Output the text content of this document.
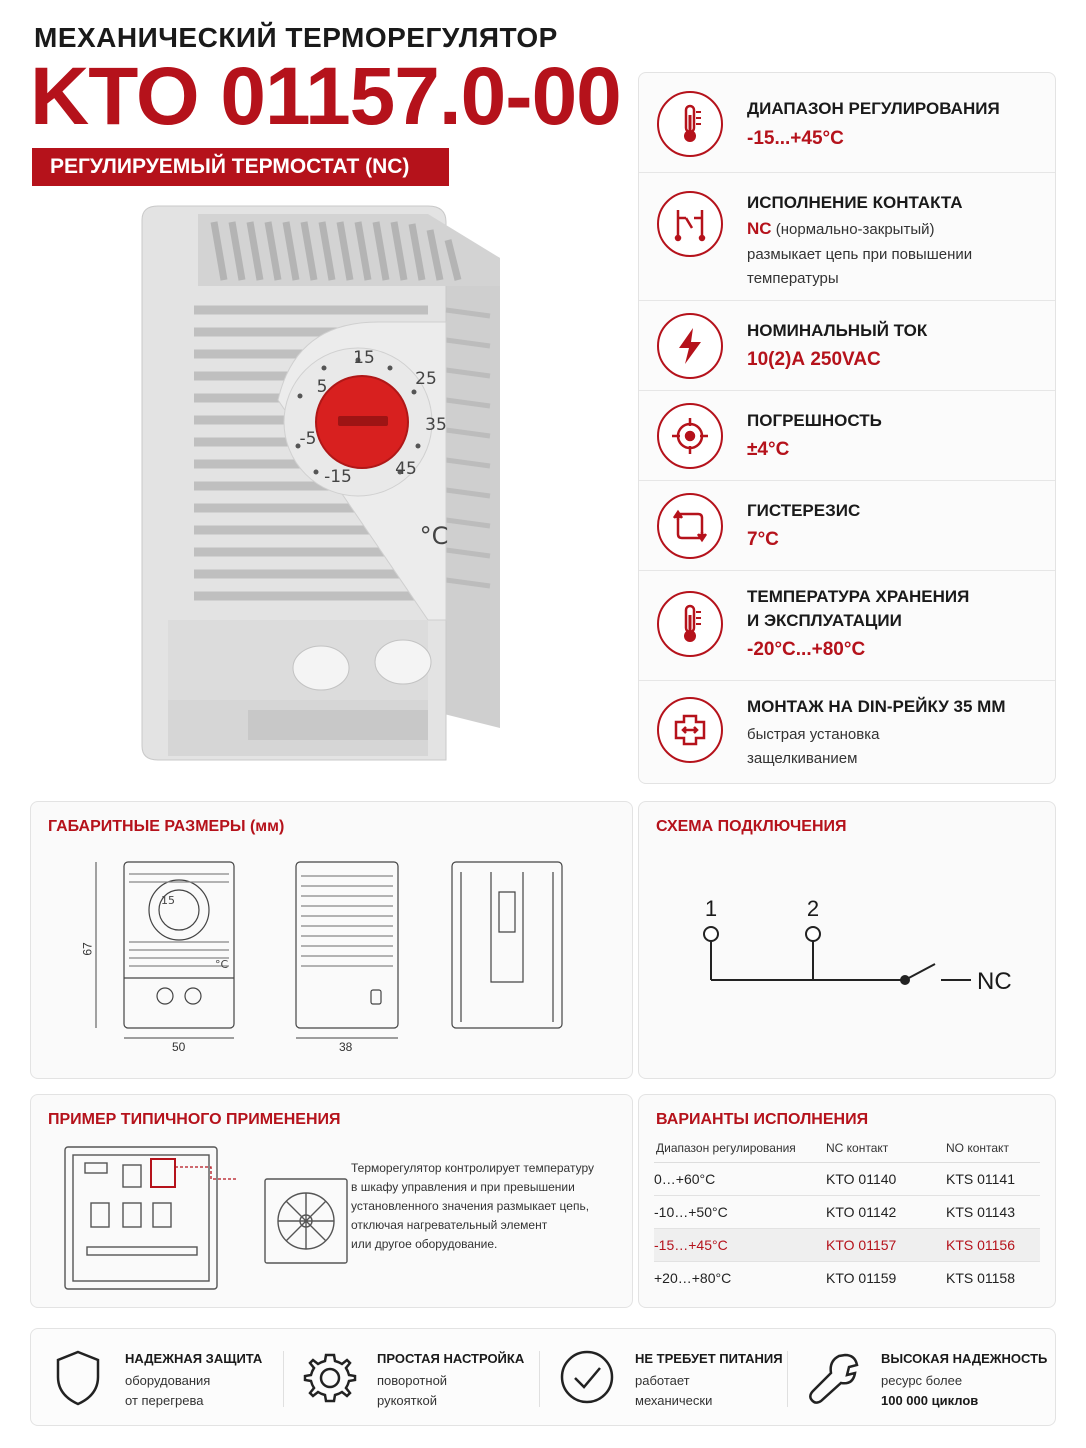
МЕХАНИЧЕСКИЙ ТЕРМОРЕГУЛЯТОР
KTO 01157.0-00
РЕГУЛИРУЕМЫЙ ТЕРМОСТАТ (NC)
15
25
35
45
-15
-5
5
°C
ДИАПАЗОН РЕГУЛИРОВАНИЯ
-15...+45°C
ИСПОЛНЕНИЕ КОНТАКТА
NC (нормально-закрытый)
размыкает цепь при повышении
температуры
НОМИНАЛЬНЫЙ ТОК
10(2)А 250VAC
ПОГРЕШНОСТЬ
±4°C
ГИСТЕРЕЗИС
7°C
ТЕМПЕРАТУРА ХРАНЕНИЯ
И ЭКСПЛУАТАЦИИ
-20°C...+80°C
МОНТАЖ НА DIN-РЕЙКУ 35 ММ
быстрая установка
защелкиванием
ГАБАРИТНЫЕ РАЗМЕРЫ (мм)
15
°C
67
50	38
СХЕМА ПОДКЛЮЧЕНИЯ
1	2
NC
ПРИМЕР ТИПИЧНОГО ПРИМЕНЕНИЯ
Терморегулятор контролирует температуру
в шкафу управления и при превышении
установленного значения размыкает цепь,
отключая нагревательный элемент
или другое оборудование.
ВАРИАНТЫ ИСПОЛНЕНИЯ
Диапазон регулирования	NC контакт	NO контакт
0…+60°C	KTO 01140	KTS 01141
-10…+50°C	KTO 01142	KTS 01143
-15…+45°C	KTO 01157	KTS 01156
+20…+80°C	KTO 01159	KTS 01158
НАДЕЖНАЯ ЗАЩИТА
оборудования
от перегрева
ПРОСТАЯ НАСТРОЙКА
поворотной
рукояткой
НЕ ТРЕБУЕТ ПИТАНИЯ
работает
механически
ВЫСОКАЯ НАДЕЖНОСТЬ
ресурс более
100 000 циклов
